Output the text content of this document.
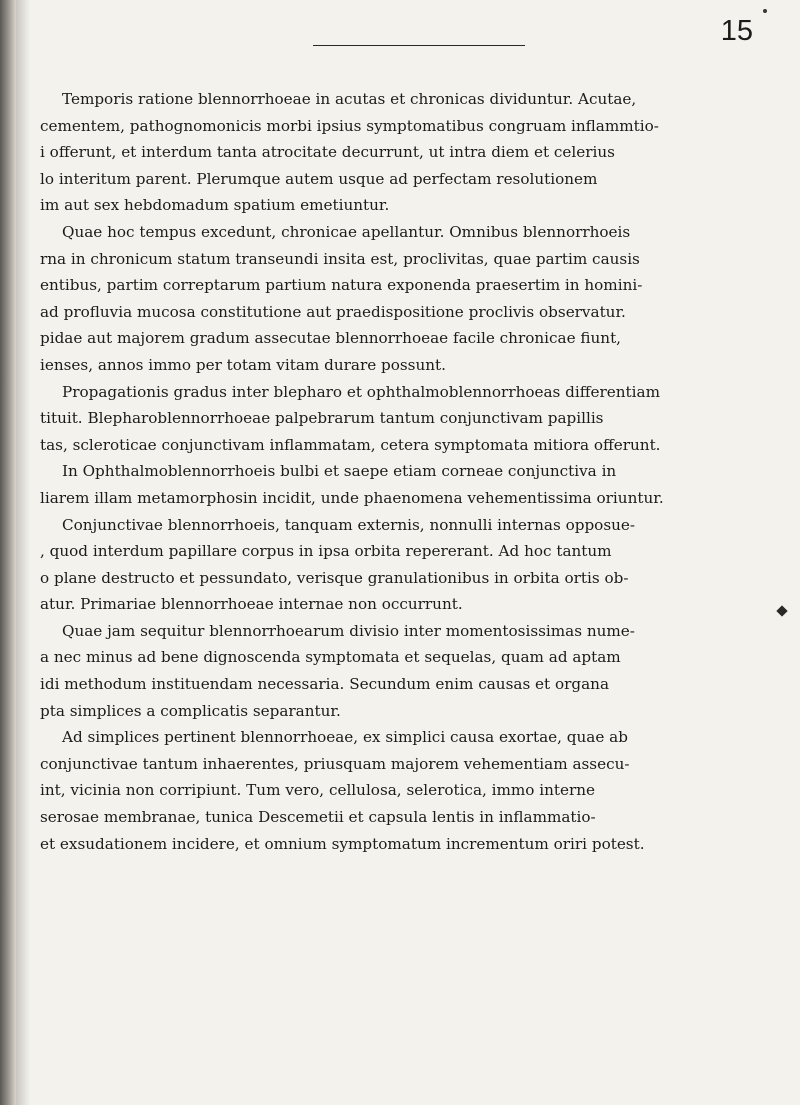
15
Temporis ratione blennorrhoeae in acutas et chronicas dividuntur. Acutae,
cementem, pathognomonicis morbi ipsius symptomatibus congruam inflammtio-
i offerunt, et interdum tanta atrocitate decurrunt, ut intra diem et celerius
lo interitum parent. Plerumque autem usque ad perfectam resolutionem
im aut sex hebdomadum spatium emetiuntur.
Quae hoc tempus excedunt, chronicae apellantur. Omnibus blennorrhoeis
rna in chronicum statum transeundi insita est, proclivitas, quae partim causis
entibus, partim correptarum partium natura exponenda praesertim in homini-
ad profluvia mucosa constitutione aut praedispositione proclivis observatur.
pidae aut majorem gradum assecutae blennorrhoeae facile chronicae fiunt,
ienses, annos immo per totam vitam durare possunt.
Propagationis gradus inter blepharo et ophthalmoblennorrhoeas differentiam
tituit. Blepharoblennorrhoeae palpebrarum tantum conjunctivam papillis
tas, scleroticae conjunctivam inflammatam, cetera symptomata mitiora offerunt.
In Ophthalmoblennorrhoeis bulbi et saepe etiam corneae conjunctiva in
liarem illam metamorphosin incidit, unde phaenomena vehementissima oriuntur.
Conjunctivae blennorrhoeis, tanquam externis, nonnulli internas opposue-
, quod interdum papillare corpus in ipsa orbita repererant. Ad hoc tantum
o plane destructo et pessundato, verisque granulationibus in orbita ortis ob-
atur. Primariae blennorrhoeae internae non occurrunt.
Quae jam sequitur blennorrhoearum divisio inter momentosissimas nume-
a nec minus ad bene dignoscenda symptomata et sequelas, quam ad aptam
idi methodum instituendam necessaria. Secundum enim causas et organa
pta simplices a complicatis separantur.
Ad simplices pertinent blennorrhoeae, ex simplici causa exortae, quae ab
conjunctivae tantum inhaerentes, priusquam majorem vehementiam assecu-
int, vicinia non corripiunt. Tum vero, cellulosa, selerotica, immo interne
serosae membranae, tunica Descemetii et capsula lentis in inflammatio-
et exsudationem incidere, et omnium symptomatum incrementum oriri potest.
